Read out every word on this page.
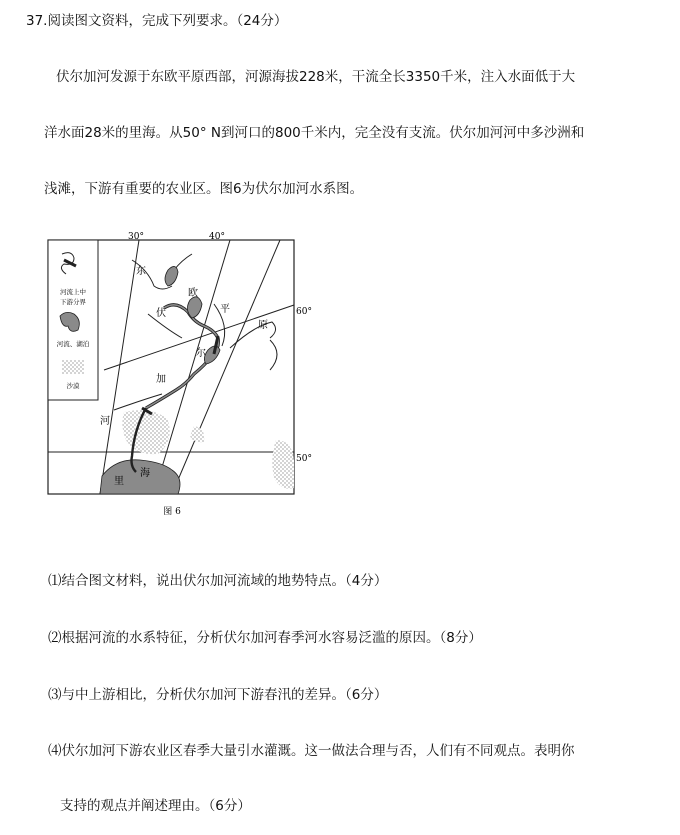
37.阅读图文资料，完成下列要求。（24分）
伏尔加河发源于东欧平原西部，河源海拔228米，干流全长3350千米，注入水面低于大
洋水面28米的里海。从50° N到河口的800千米内，完全没有支流。伏尔加河河中多沙洲和
浅滩，下游有重要的农业区。图6为伏尔加河水系图。
河流上中
下游分界
河流、湖泊
沙漠
30°	40°
60°
50°
东
欧
平
原
伏
尔
加
河
里
海
图 6
⑴结合图文材料，说出伏尔加河流域的地势特点。（4分）
⑵根据河流的水系特征，分析伏尔加河春季河水容易泛滥的原因。（8分）
⑶与中上游相比，分析伏尔加河下游春汛的差异。（6分）
⑷伏尔加河下游农业区春季大量引水灌溉。这一做法合理与否，人们有不同观点。表明你
支持的观点并阐述理由。（6分）
